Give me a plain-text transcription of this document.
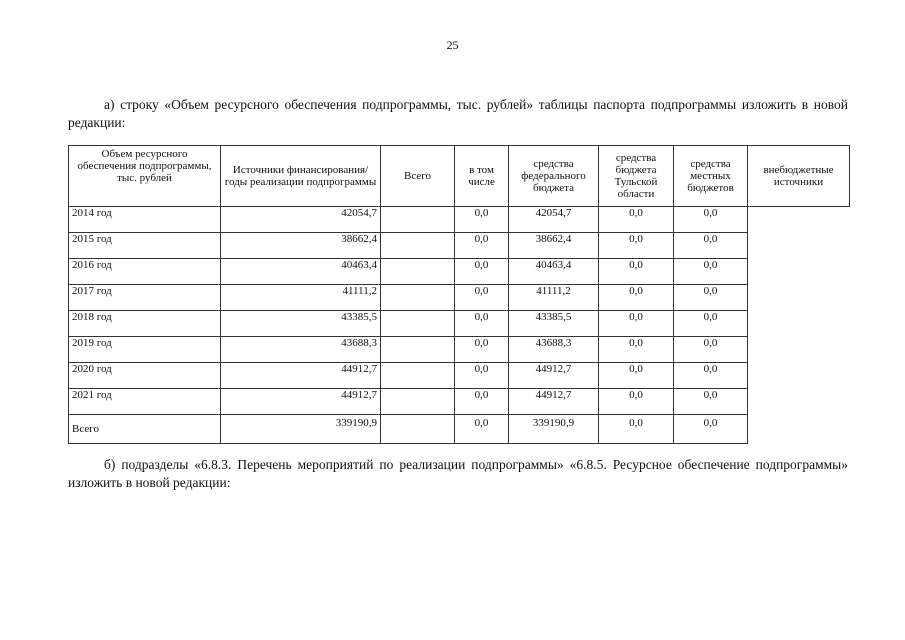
25
а) строку «Объем ресурсного обеспечения подпрограммы, тыс. рублей» таблицы паспорта подпрограммы изложить в новой редакции:
Объем ресурсного обеспечения подпрограммы, тыс. рублей	Источники финансирования/ годы реализации подпрограммы	Всего	в том числе	средства федерального бюджета	средства бюджета Тульской области	средства местных бюджетов	внебюджетные источники
2014 год	42054,7		0,0	42054,7	0,0	0,0	
2015 год	38662,4		0,0	38662,4	0,0	0,0	
2016 год	40463,4		0,0	40463,4	0,0	0,0	
2017 год	41111,2		0,0	41111,2	0,0	0,0	
2018 год	43385,5		0,0	43385,5	0,0	0,0	
2019 год	43688,3		0,0	43688,3	0,0	0,0	
2020 год	44912,7		0,0	44912,7	0,0	0,0	
2021 год	44912,7		0,0	44912,7	0,0	0,0	
Всего	339190,9		0,0	339190,9	0,0	0,0	
б) подразделы «6.8.3. Перечень мероприятий по реализации подпрограммы» «6.8.5. Ресурсное обеспечение подпрограммы» изложить в новой редакции:
